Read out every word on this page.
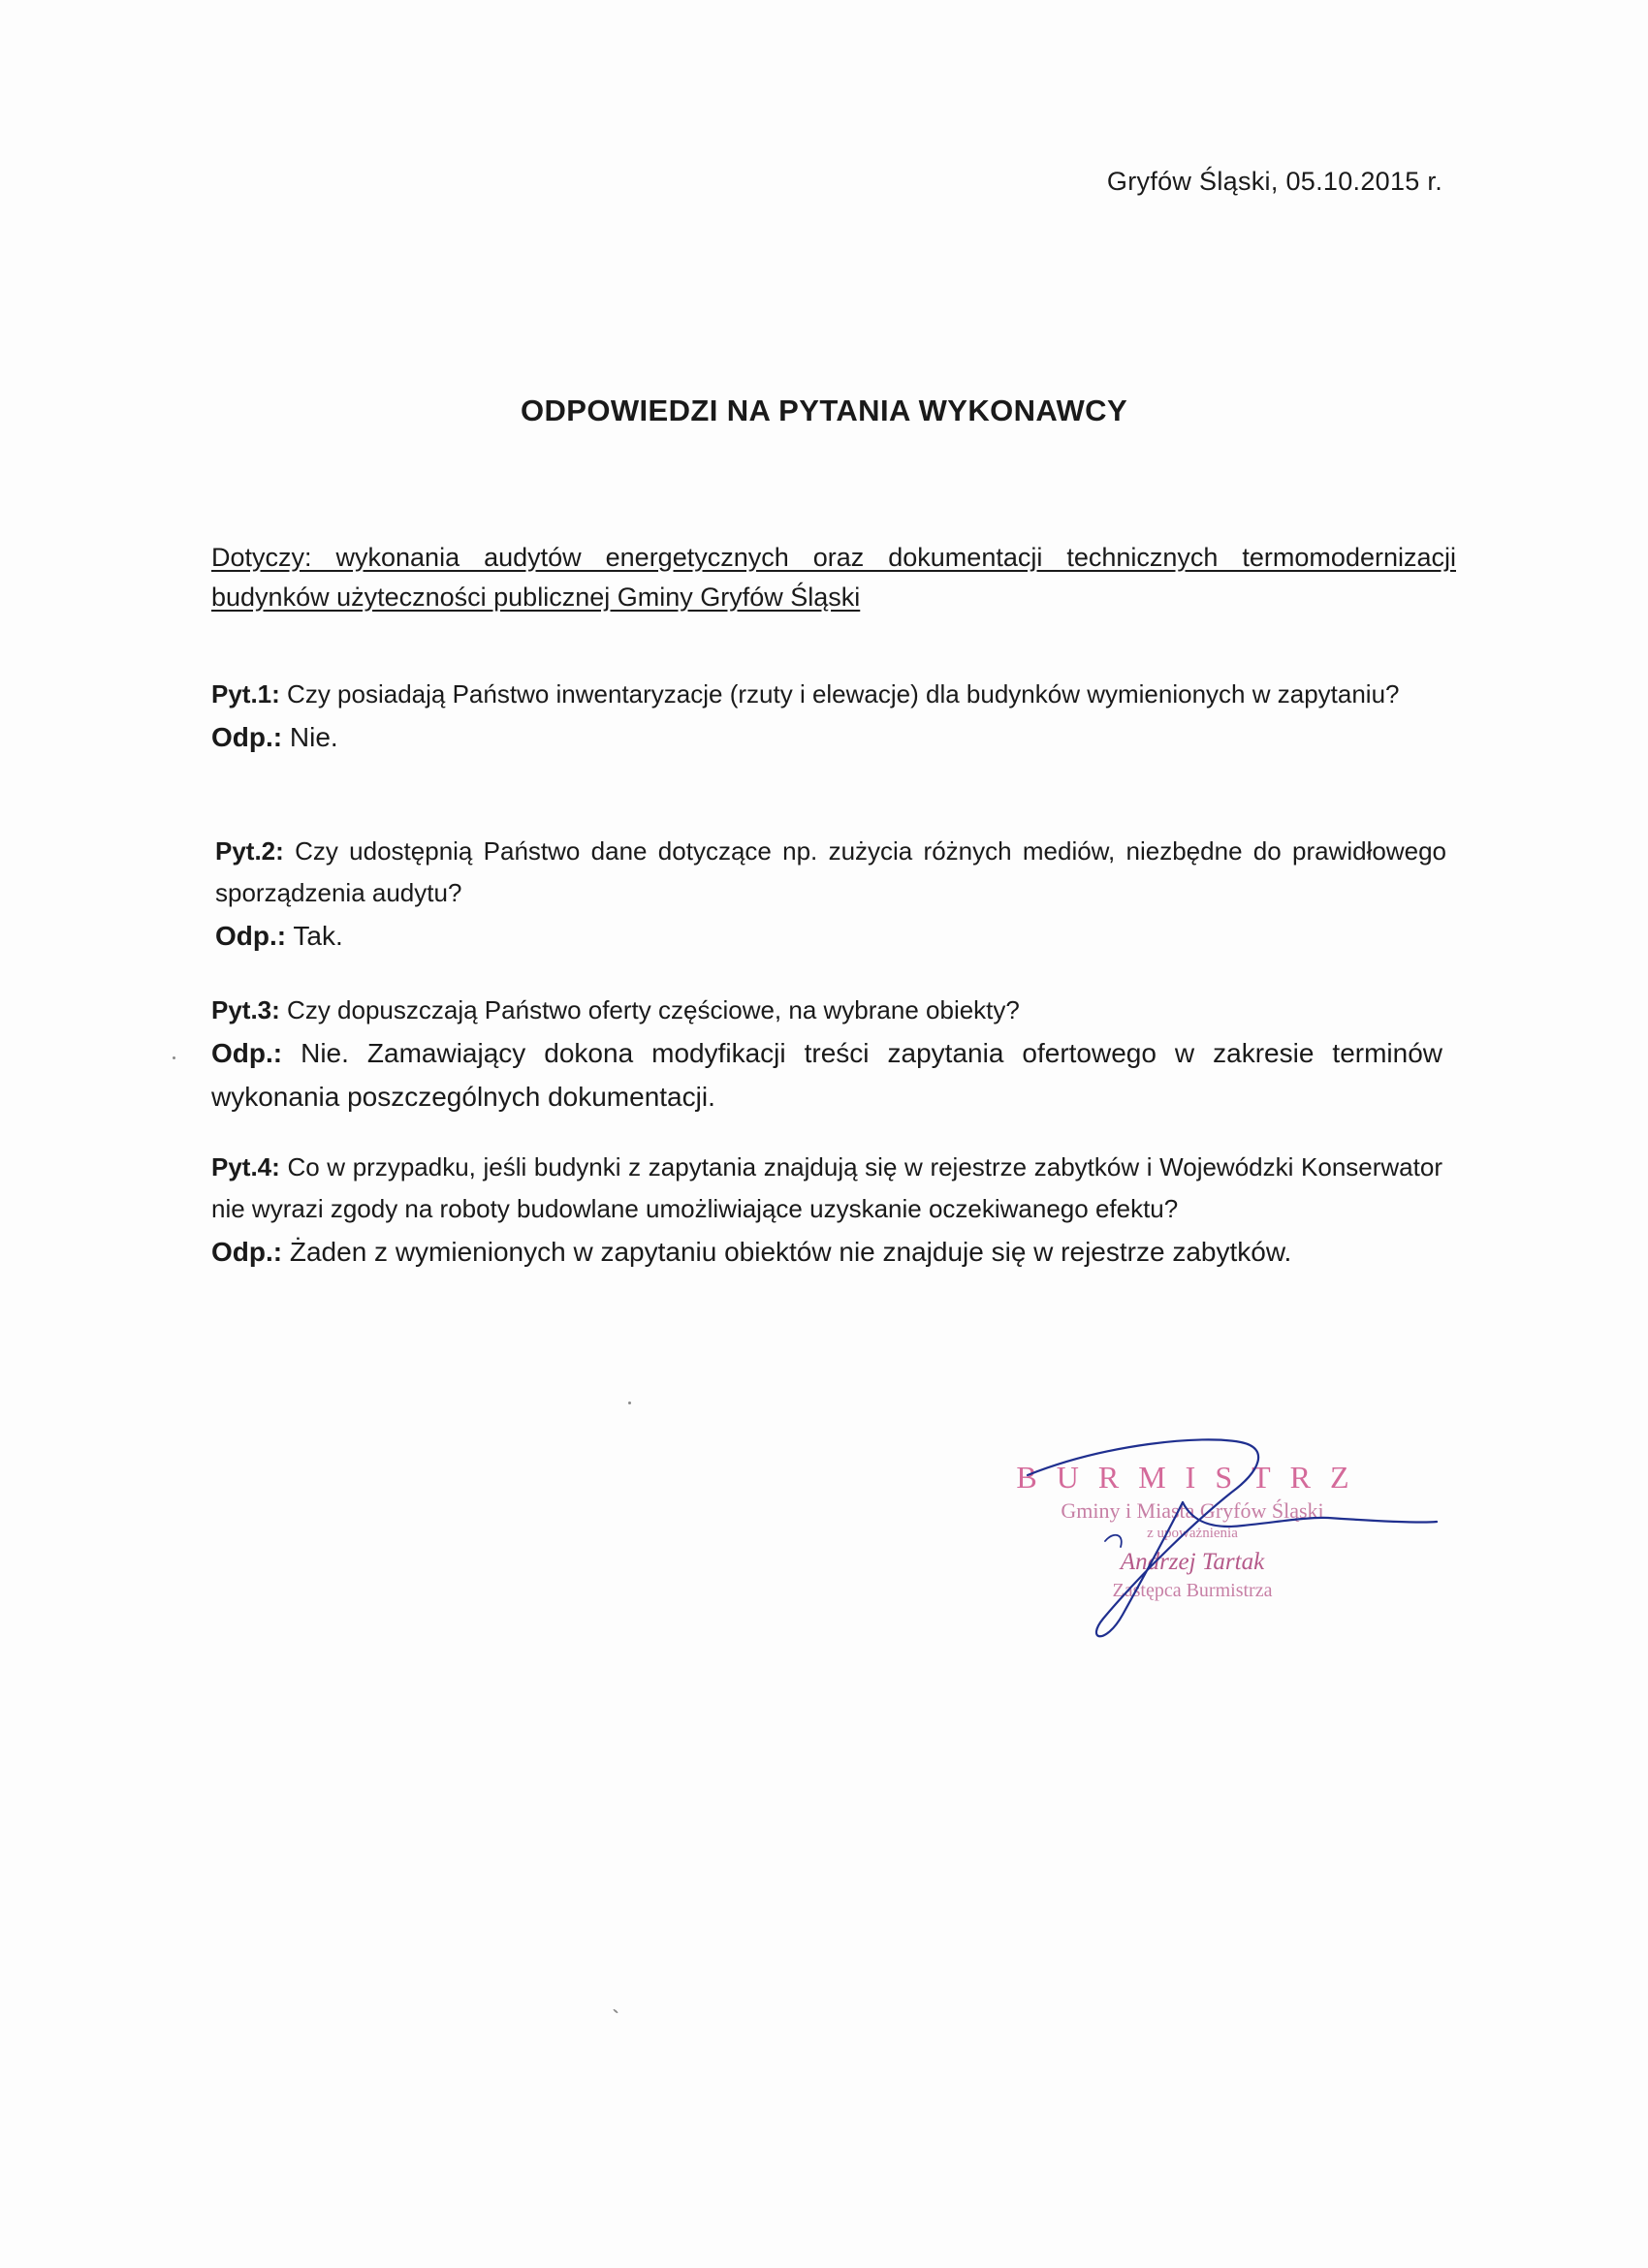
Gryfów Śląski, 05.10.2015 r.
ODPOWIEDZI NA PYTANIA WYKONAWCY
Dotyczy: wykonania audytów energetycznych oraz dokumentacji technicznych termomodernizacji budynków użyteczności publicznej Gminy Gryfów Śląski
Pyt.1: Czy posiadają Państwo inwentaryzacje (rzuty i elewacje) dla budynków wymienionych w zapytaniu?
Odp.: Nie.
Pyt.2: Czy udostępnią Państwo dane dotyczące np. zużycia różnych mediów, niezbędne do prawidłowego sporządzenia audytu?
Odp.: Tak.
Pyt.3: Czy dopuszczają Państwo oferty częściowe, na wybrane obiekty?
Odp.: Nie. Zamawiający dokona modyfikacji treści zapytania ofertowego w zakresie terminów wykonania poszczególnych dokumentacji.
Pyt.4: Co w przypadku, jeśli budynki z zapytania znajdują się w rejestrze zabytków i Wojewódzki Konserwator nie wyrazi zgody na roboty budowlane umożliwiające uzyskanie oczekiwanego efektu?
Odp.: Żaden z wymienionych w zapytaniu obiektów nie znajduje się w rejestrze zabytków.
BURMISTRZ
Gminy i Miasta Gryfów Śląski
z upoważnienia
Andrzej Tartak
Zastępca Burmistrza
